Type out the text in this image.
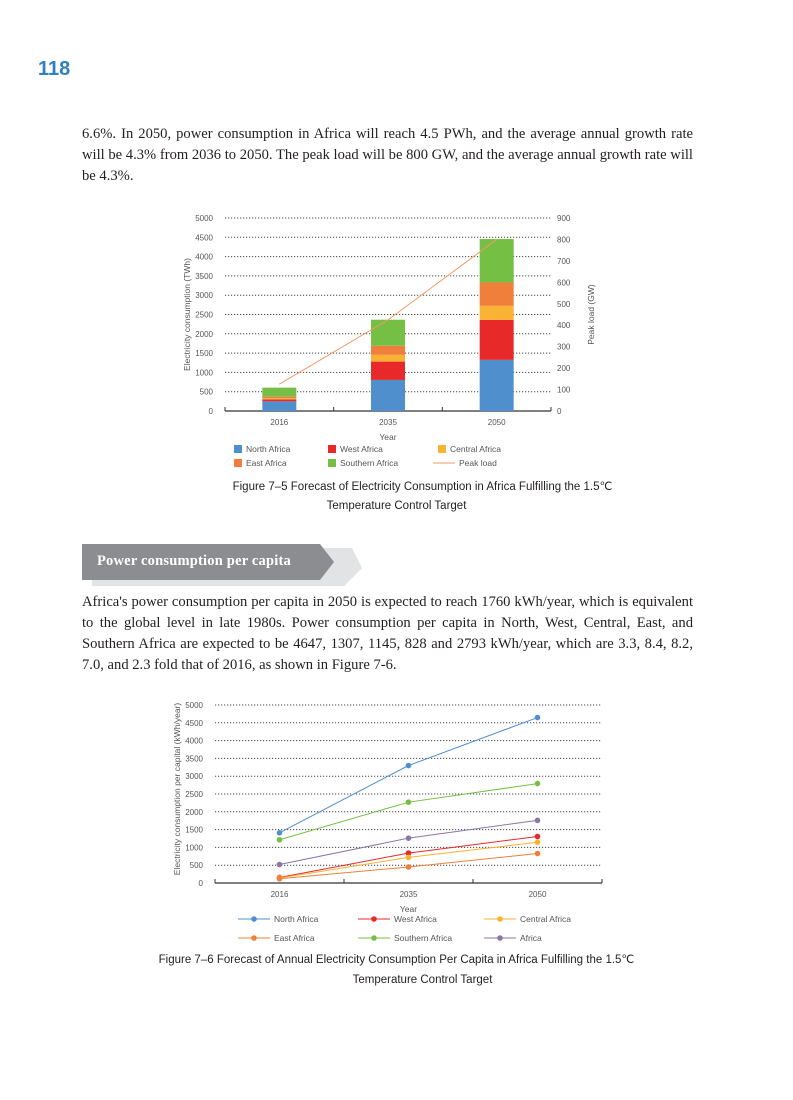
118
6.6%. In 2050, power consumption in Africa will reach 4.5 PWh, and the average annual growth rate will be 4.3% from 2036 to 2050. The peak load will be 800 GW, and the average annual growth rate will be 4.3%.
0
500
1000
1500
2000
2500
3000
3500
4000
4500
5000
2016	2035	2050
Year
Electricity consumption (TWh)
0
100
200
300
400
500
600
700
800
900
Peak load (GW)
North Africa	West Africa	Central Africa
East Africa	Southern Africa	Peak load
Figure 7–5 Forecast of Electricity Consumption in Africa Fulfilling the 1.5℃
Temperature Control Target
Power consumption per capita
Africa's power consumption per capita in 2050 is expected to reach 1760 kWh/year, which is equivalent to the global level in late 1980s. Power consumption per capita in North, West, Central, East, and Southern Africa are expected to be 4647, 1307, 1145, 828 and 2793 kWh/year, which are 3.3, 8.4, 8.2, 7.0, and 2.3 fold that of 2016, as shown in Figure 7-6.
0
500
1000
1500
2000
2500
3000
3500
4000
4500
5000
2016	2035	2050
Year
Electricity consumption per capital (kWh/year)
North Africa	West Africa	Central Africa
East Africa	Southern Africa	Africa
Figure 7–6 Forecast of Annual Electricity Consumption Per Capita in Africa Fulfilling the 1.5℃
Temperature Control Target
